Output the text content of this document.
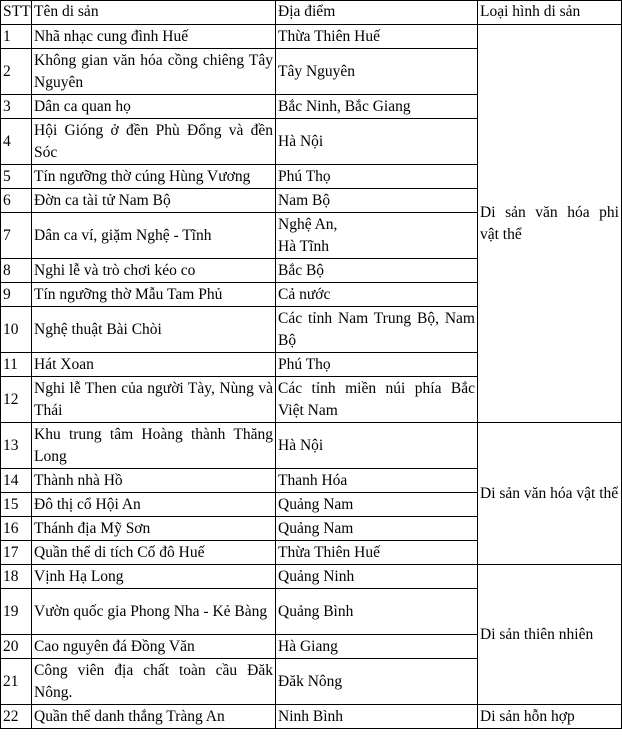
STT	Tên di sản	Địa điểm	Loại hình di sản
1	Nhã nhạc cung đình Huế	Thừa Thiên Huế	Di sản văn hóa phi vật thể
2	Không gian văn hóa cồng chiêng Tây Nguyên	Tây Nguyên	
3	Dân ca quan họ	Bắc Ninh, Bắc Giang	
4	Hội Gióng ở đền Phù Đổng và đền Sóc	Hà Nội	
5	Tín ngưỡng thờ cúng Hùng Vương	Phú Thọ	
6	Đờn ca tài tử Nam Bộ	Nam Bộ	
7	Dân ca ví, giặm Nghệ - Tĩnh	Nghệ An,
Hà Tĩnh	
8	Nghi lễ và trò chơi kéo co	Bắc Bộ	
9	Tín ngưỡng thờ Mẫu Tam Phủ	Cả nước	
10	Nghệ thuật Bài Chòi	Các tỉnh Nam Trung Bộ, Nam Bộ	
11	Hát Xoan	Phú Thọ	
12	Nghi lễ Then của người Tày, Nùng và Thái	Các tỉnh miền núi phía Bắc Việt Nam	
13	Khu trung tâm Hoàng thành Thăng Long	Hà Nội	Di sản văn hóa vật thể
14	Thành nhà Hồ	Thanh Hóa	
15	Đô thị cổ Hội An	Quảng Nam	
16	Thánh địa Mỹ Sơn	Quảng Nam	
17	Quần thể di tích Cố đô Huế	Thừa Thiên Huế	
18	Vịnh Hạ Long	Quảng Ninh	Di sản thiên nhiên
19	Vườn quốc gia Phong Nha - Kẻ Bàng	Quảng Bình	
20	Cao nguyên đá Đồng Văn	Hà Giang	
21	Công viên địa chất toàn cầu Đăk Nông.	Đăk Nông	
22	Quần thể danh thắng Tràng An	Ninh Bình	Di sản hỗn hợp
